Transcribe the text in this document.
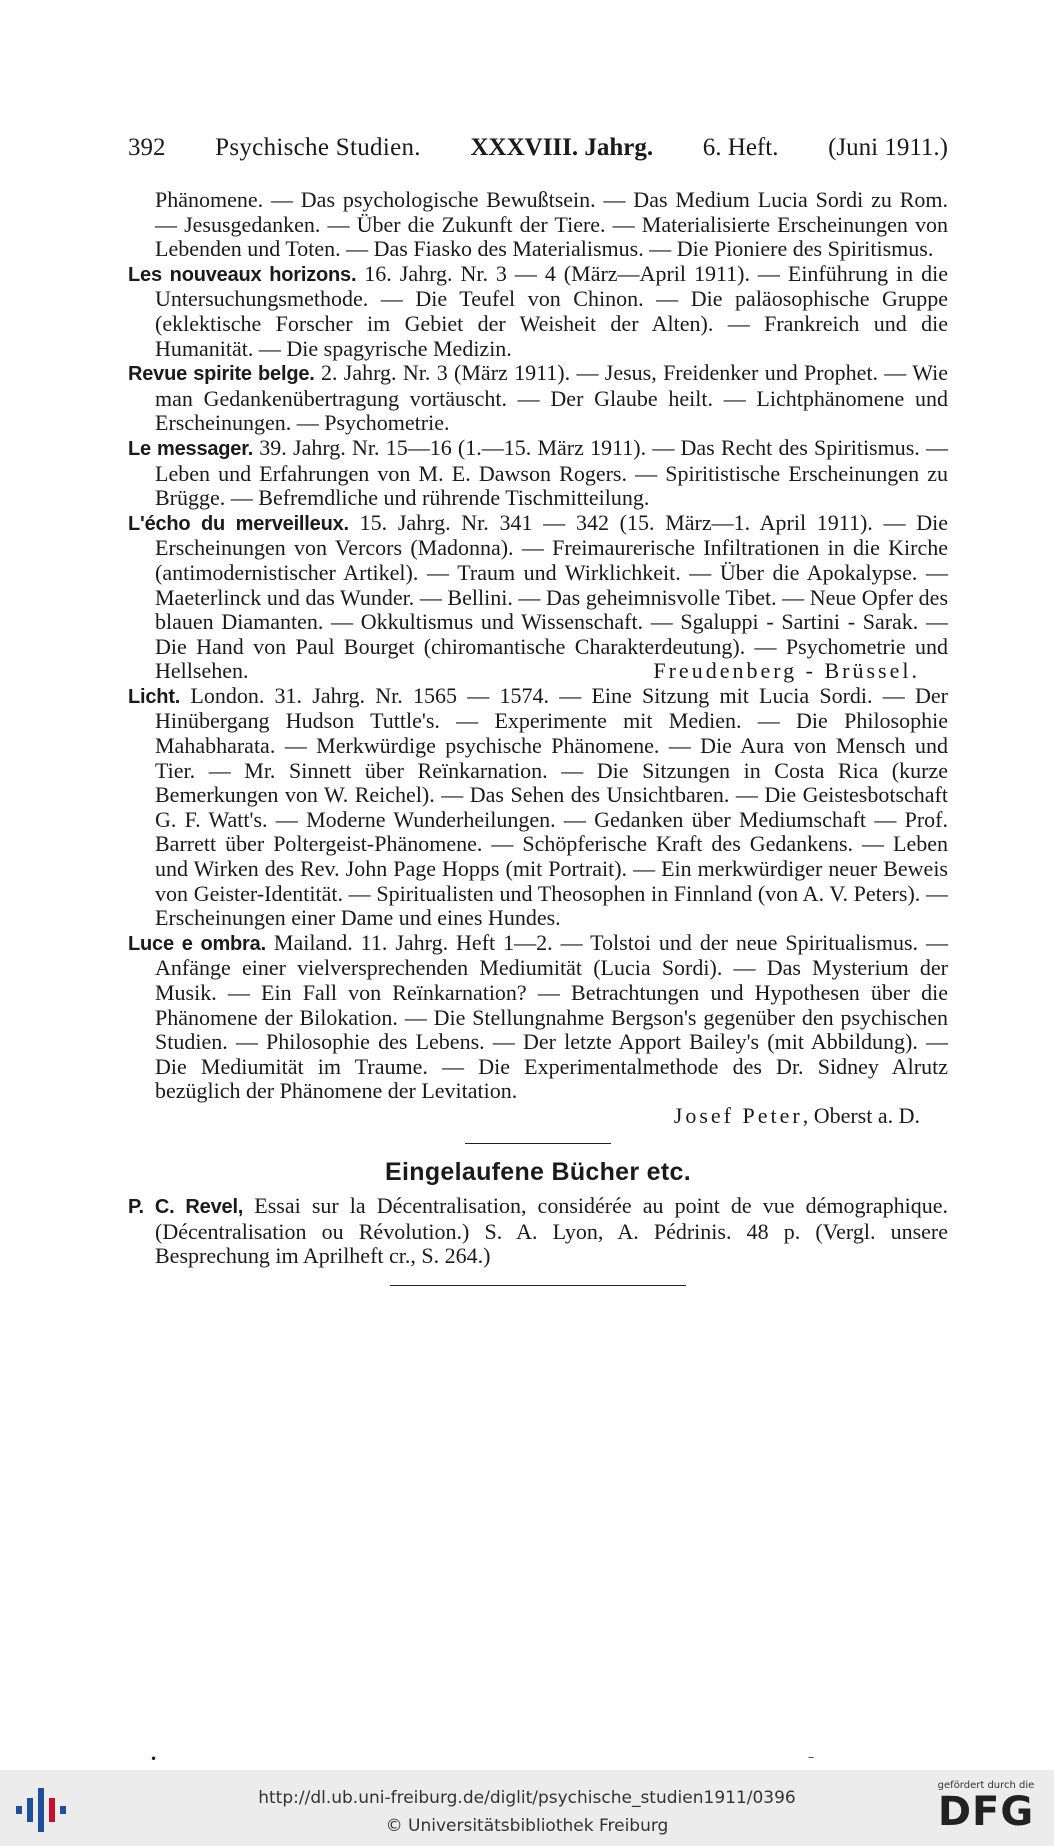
392 Psychische Studien. XXXVIII. Jahrg. 6. Heft. (Juni 1911.)

Phänomene. — Das psychologische Bewußtsein. — Das Medium Lucia Sordi zu Rom. — Jesusgedanken. — Über die Zukunft der Tiere. — Materialisierte Erscheinungen von Lebenden und Toten. — Das Fiasko des Materialismus. — Die Pioniere des Spiritismus.

Les nouveaux horizons. 16. Jahrg. Nr. 3 — 4 (März—April 1911). — Einführung in die Untersuchungsmethode. — Die Teufel von Chinon. — Die paläosophische Gruppe (eklektische Forscher im Gebiet der Weisheit der Alten). — Frankreich und die Humanität. — Die spagyrische Medizin.

Revue spirite belge. 2. Jahrg. Nr. 3 (März 1911). — Jesus, Freidenker und Prophet. — Wie man Gedankenübertragung vortäuscht. — Der Glaube heilt. — Lichtphänomene und Erscheinungen. — Psychometrie.

Le messager. 39. Jahrg. Nr. 15—16 (1.—15. März 1911). — Das Recht des Spiritismus. — Leben und Erfahrungen von M. E. Dawson Rogers. — Spiritistische Erscheinungen zu Brügge. — Befremdliche und rührende Tischmitteilung.

L'écho du merveilleux. 15. Jahrg. Nr. 341 — 342 (15. März—1. April 1911). — Die Erscheinungen von Vercors (Madonna). — Freimaurerische Infiltrationen in die Kirche (antimodernistischer Artikel). — Traum und Wirklichkeit. — Über die Apokalypse. — Maeterlinck und das Wunder. — Bellini. — Das geheimnisvolle Tibet. — Neue Opfer des blauen Diamanten. — Okkultismus und Wissenschaft. — Sgaluppi - Sartini - Sarak. — Die Hand von Paul Bourget (chiromantische Charakterdeutung). — Psychometrie und Hellsehen.	Freudenberg - Brüssel.

Licht. London. 31. Jahrg. Nr. 1565 — 1574. — Eine Sitzung mit Lucia Sordi. — Der Hinübergang Hudson Tuttle's. — Experimente mit Medien. — Die Philosophie Mahabharata. — Merkwürdige psychische Phänomene. — Die Aura von Mensch und Tier. — Mr. Sinnett über Reïnkarnation. — Die Sitzungen in Costa Rica (kurze Bemerkungen von W. Reichel). — Das Sehen des Unsichtbaren. — Die Geistesbotschaft G. F. Watt's. — Moderne Wunderheilungen. — Gedanken über Mediumschaft — Prof. Barrett über Poltergeist-Phänomene. — Schöpferische Kraft des Gedankens. — Leben und Wirken des Rev. John Page Hopps (mit Portrait). — Ein merkwürdiger neuer Beweis von Geister-Identität. — Spiritualisten und Theosophen in Finnland (von A. V. Peters). — Erscheinungen einer Dame und eines Hundes.

Luce e ombra. Mailand. 11. Jahrg. Heft 1—2. — Tolstoi und der neue Spiritualismus. — Anfänge einer vielversprechenden Mediumität (Lucia Sordi). — Das Mysterium der Musik. — Ein Fall von Reïnkarnation? — Betrachtungen und Hypothesen über die Phänomene der Bilokation. — Die Stellungnahme Bergson's gegenüber den psychischen Studien. — Philosophie des Lebens. — Der letzte Apport Bailey's (mit Abbildung). — Die Mediumität im Traume. — Die Experimentalmethode des Dr. Sidney Alrutz bezüglich der Phänomene der Levitation.

Josef Peter, Oberst a. D.

Eingelaufene Bücher etc.

P. C. Revel, Essai sur la Décentralisation, considérée au point de vue démographique. (Décentralisation ou Révolution.) S. A. Lyon, A. Pédrinis. 48 p. (Vergl. unsere Besprechung im Aprilheft cr., S. 264.)

•	–
http://dl.ub.uni-freiburg.de/diglit/psychische_studien1911/0396
© Universitätsbibliothek Freiburg
gefördert durch die
DFG
